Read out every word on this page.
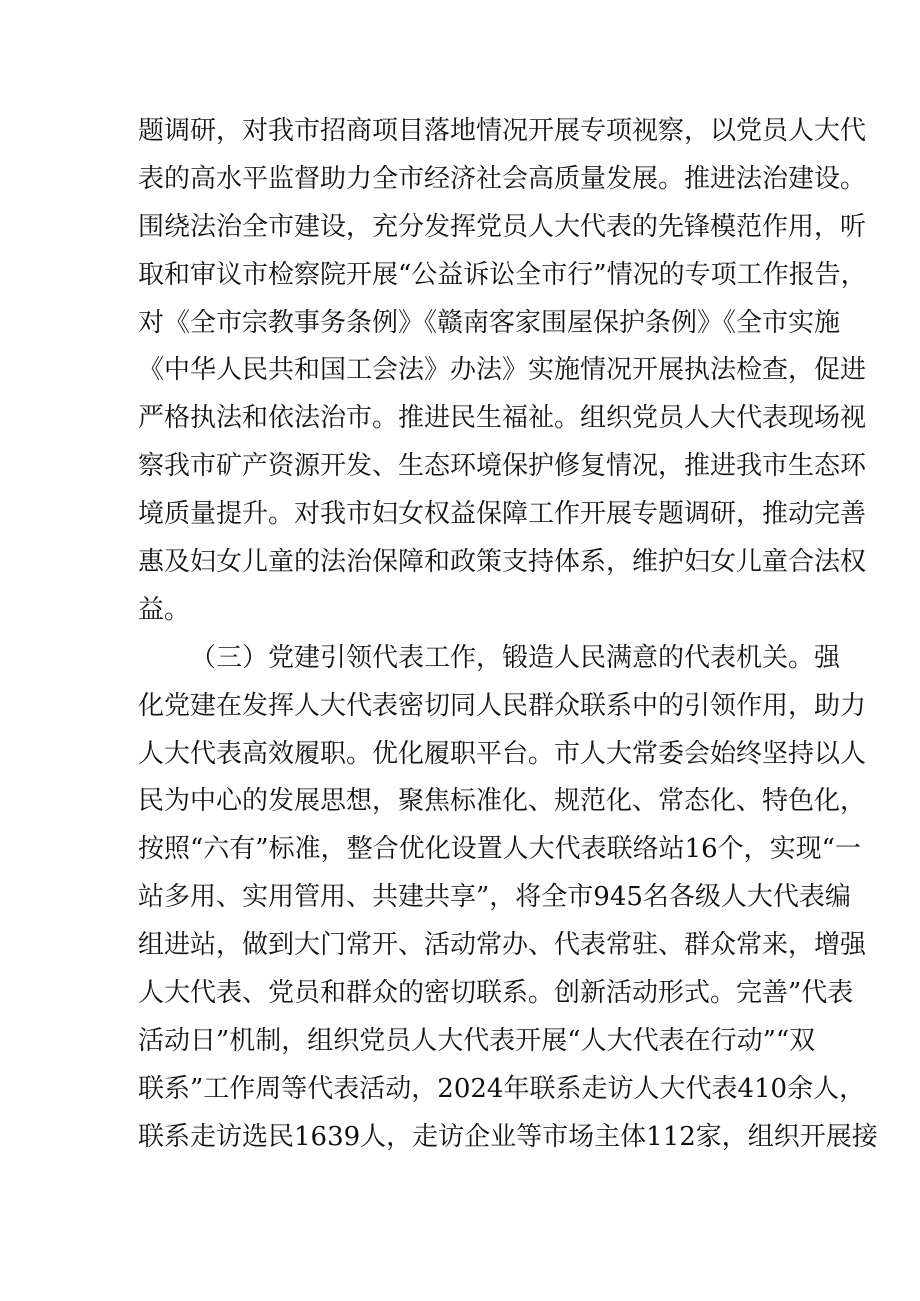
题调研，对我市招商项目落地情况开展专项视察，以党员人大代
表的高水平监督助力全市经济社会高质量发展。推进法治建设。
围绕法治全市建设，充分发挥党员人大代表的先锋模范作用，听
取和审议市检察院开展“公益诉讼全市行”情况的专项工作报告，
对《全市宗教事务条例》《赣南客家围屋保护条例》《全市实施
《中华人民共和国工会法》办法》实施情况开展执法检查，促进
严格执法和依法治市。推进民生福祉。组织党员人大代表现场视
察我市矿产资源开发、生态环境保护修复情况，推进我市生态环
境质量提升。对我市妇女权益保障工作开展专题调研，推动完善
惠及妇女儿童的法治保障和政策支持体系，维护妇女儿童合法权
益。
（三）党建引领代表工作，锻造人民满意的代表机关。强
化党建在发挥人大代表密切同人民群众联系中的引领作用，助力
人大代表高效履职。优化履职平台。市人大常委会始终坚持以人
民为中心的发展思想，聚焦标准化、规范化、常态化、特色化，
按照“六有”标准，整合优化设置人大代表联络站16个，实现“一
站多用、实用管用、共建共享”，将全市945名各级人大代表编
组进站，做到大门常开、活动常办、代表常驻、群众常来，增强
人大代表、党员和群众的密切联系。创新活动形式。完善”代表
活动日”机制，组织党员人大代表开展“人大代表在行动”“双
联系”工作周等代表活动，2024年联系走访人大代表410余人，
联系走访选民1639人，走访企业等市场主体112家，组织开展接
